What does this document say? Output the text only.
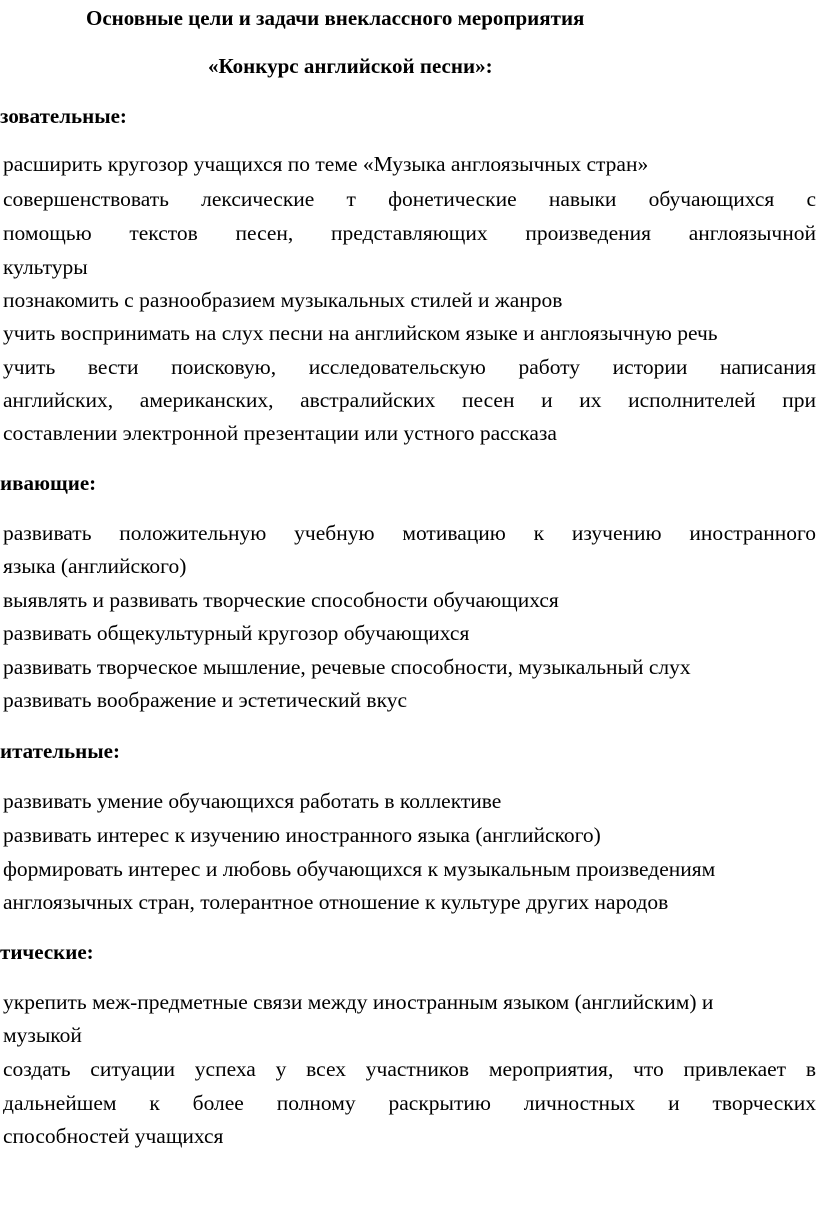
Основные цели и задачи внеклассного мероприятия
«Конкурс английской песни»:
зовательные:
расширить кругозор учащихся по теме «Музыка англоязычных стран»
совершенствовать лексические т фонетические навыки обучающихся с
помощью текстов песен, представляющих произведения англоязычной
культуры
познакомить с разнообразием музыкальных стилей и жанров
учить воспринимать на слух песни на английском языке и англоязычную речь
учить вести поисковую, исследовательскую работу истории написания
английских, американских, австралийских песен и их исполнителей при
составлении электронной презентации или устного рассказа
ивающие:
развивать положительную учебную мотивацию к изучению иностранного
языка (английского)
выявлять и развивать творческие способности обучающихся
развивать общекультурный кругозор обучающихся
развивать творческое мышление, речевые способности, музыкальный слух
развивать воображение и эстетический вкус
итательные:
развивать умение обучающихся работать в коллективе
развивать интерес к изучению иностранного языка (английского)
формировать интерес и любовь обучающихся к музыкальным произведениям
англоязычных стран, толерантное отношение к культуре других народов
тические:
укрепить меж-предметные связи между иностранным языком (английским) и
музыкой
создать ситуации успеха у всех участников мероприятия, что привлекает в
дальнейшем к более полному раскрытию личностных и творческих
способностей учащихся
